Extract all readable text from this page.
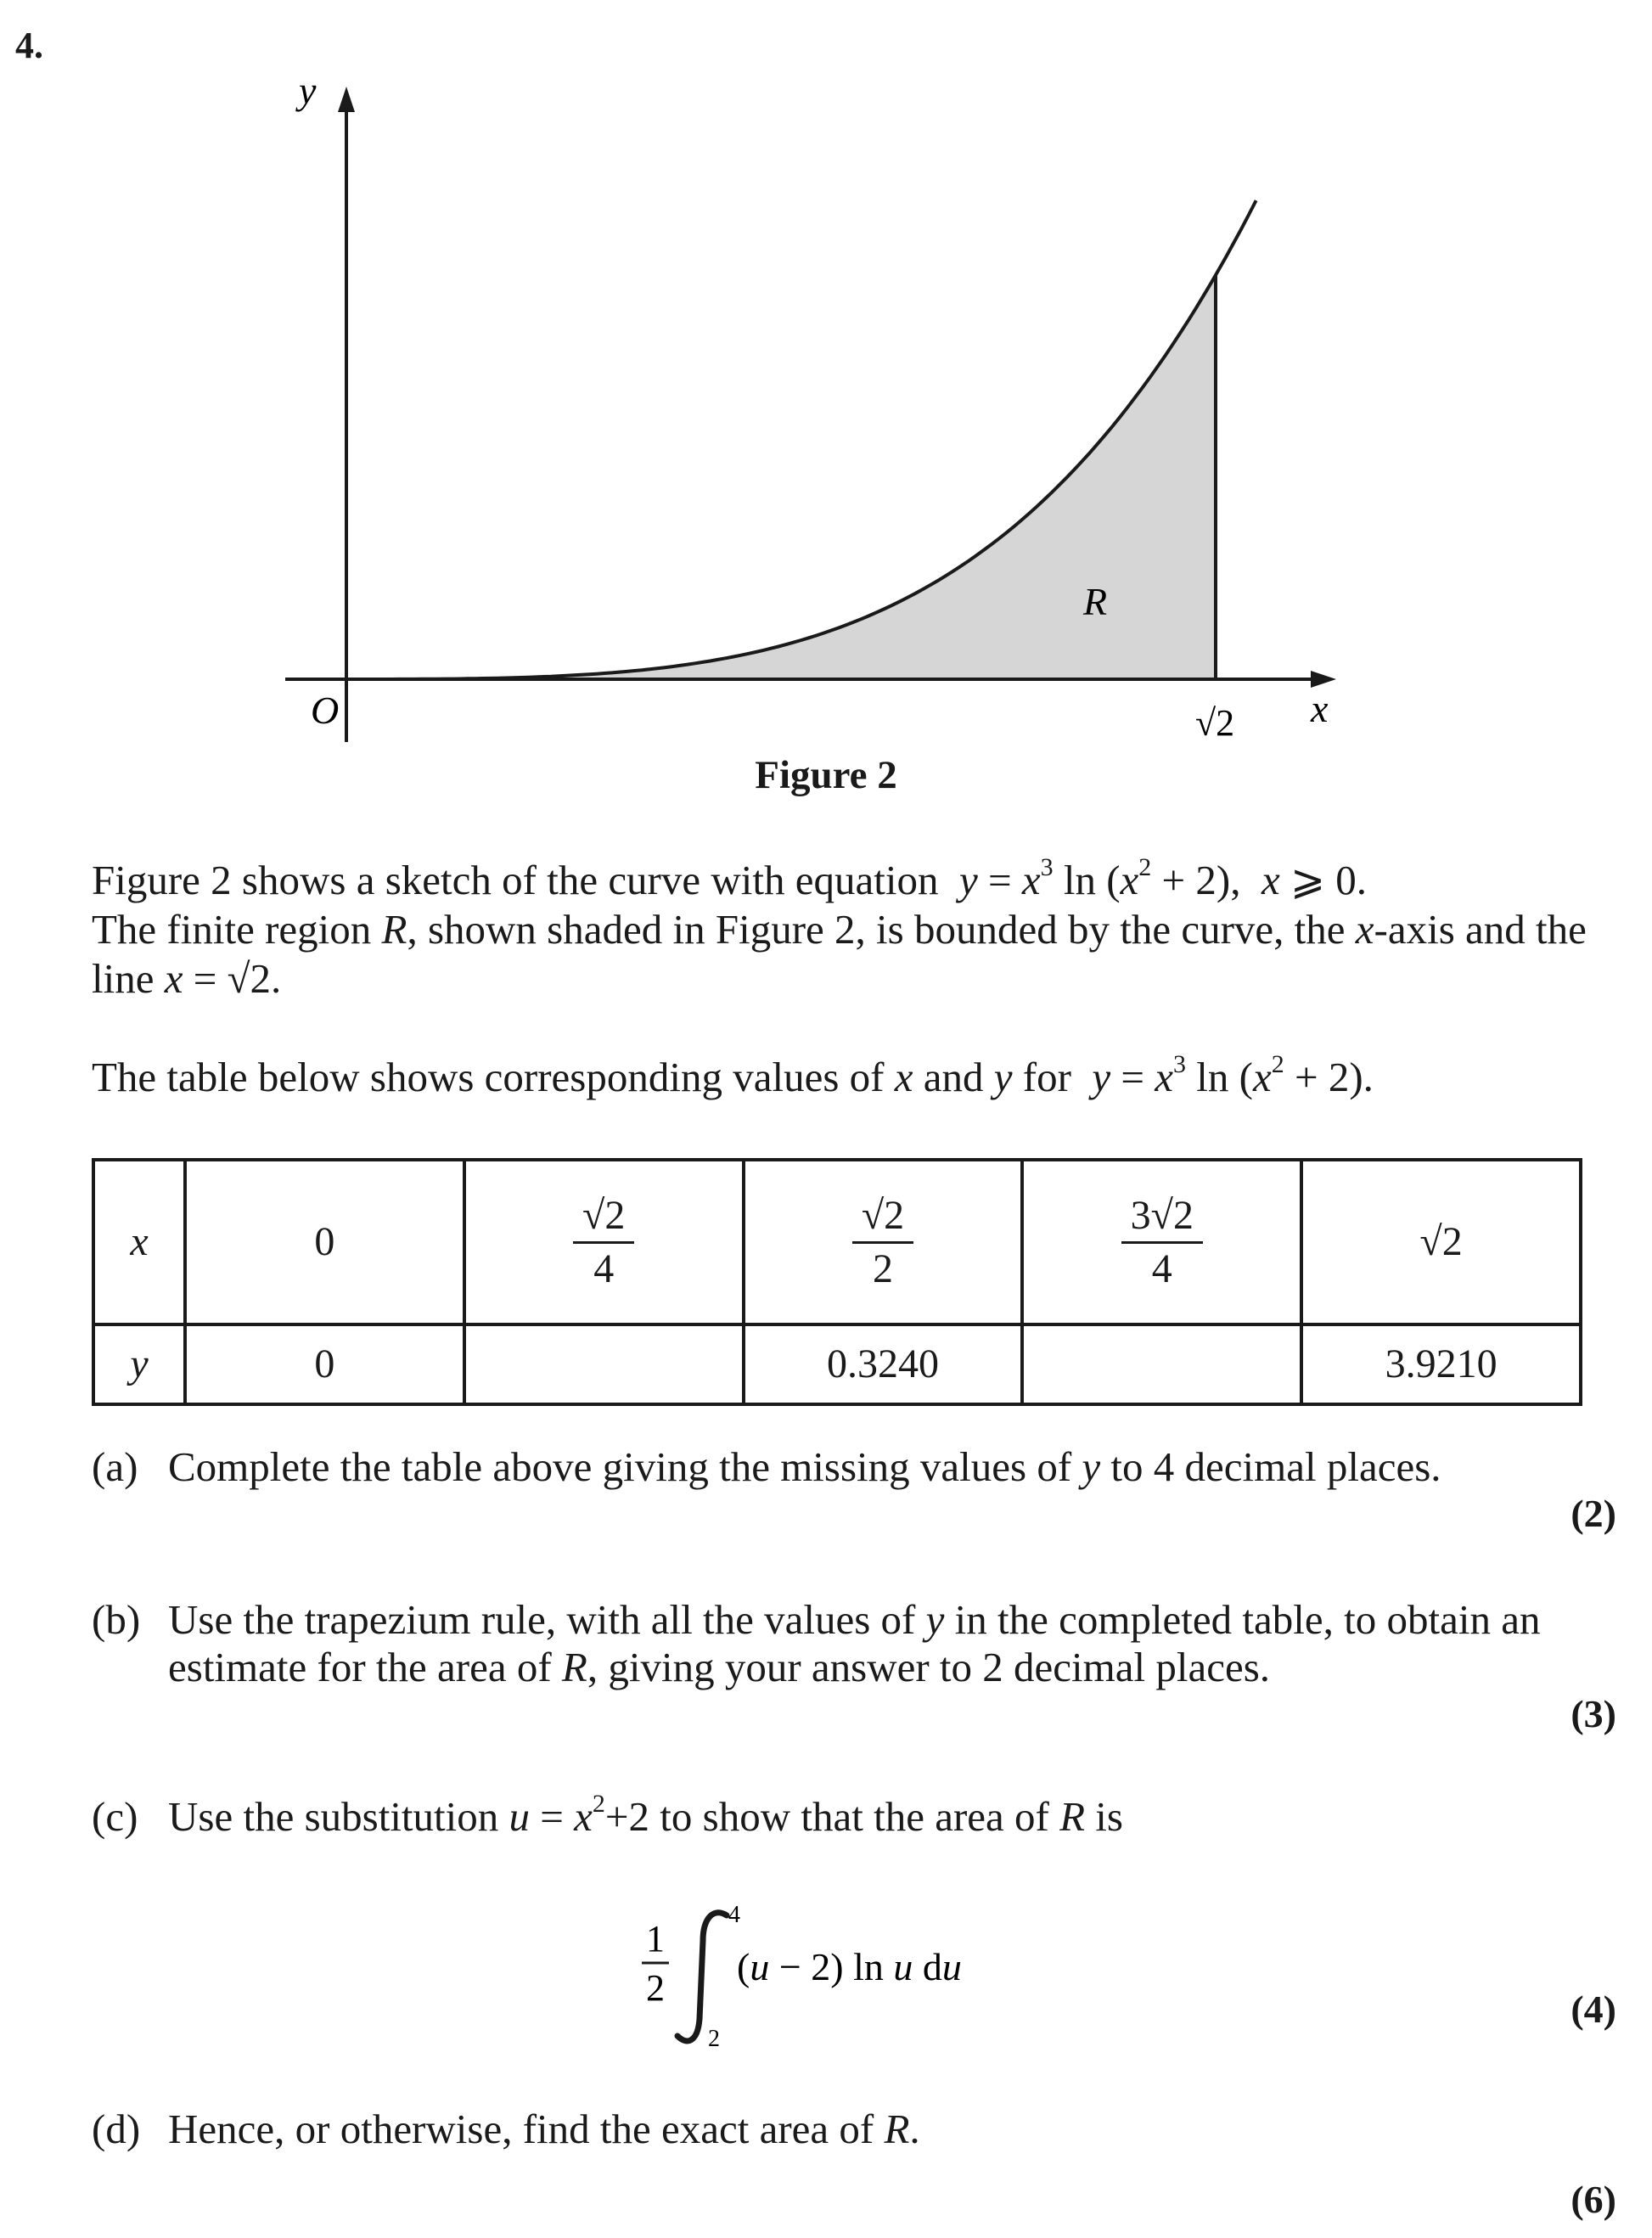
4.
y
x
O
R
√2
Figure 2
Figure 2 shows a sketch of the curve with equation $y = x^3$ $\ln (x^2 + 2)$, x ⩾ 0.
The finite region R, shown shaded in Figure 2, is bounded by the curve, the x-axis and the
line x = √2.
The table below shows corresponding values of x and y for  $y = x^3$ $\ln (x^2 + 2)$.
x	0	$\frac{√2}{4}$	$\frac{√2}{2}$	$\frac{3√2}{4}$	√2
y	0		0.3240		3.9210
(a) Complete the table above giving the missing values of y to 4 decimal places.
(2)
(b) Use the trapezium rule, with all the values of y in the completed table, to obtain an
estimate for the area of R, giving your answer to 2 decimal places.
(3)
(c) Use the substitution $u = x^2+2$ to show that the area of R is
1
2
4
2
(u − 2) ln u du
(4)
(d) Hence, or otherwise, find the exact area of R.
(6)
